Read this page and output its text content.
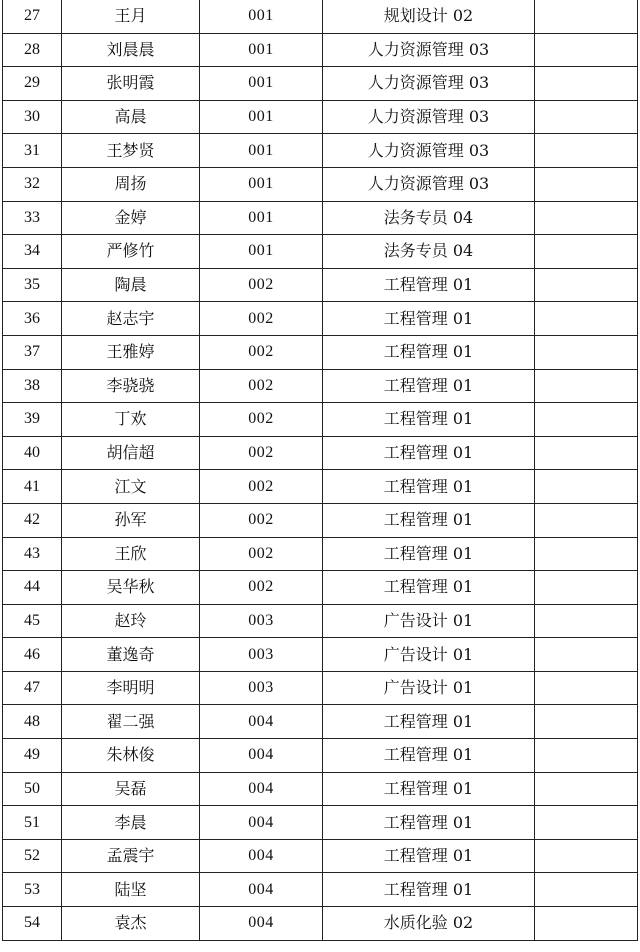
27	王月	001	规划设计 02	
28	刘晨晨	001	人力资源管理 03	
29	张明霞	001	人力资源管理 03	
30	高晨	001	人力资源管理 03	
31	王梦贤	001	人力资源管理 03	
32	周扬	001	人力资源管理 03	
33	金婷	001	法务专员 04	
34	严修竹	001	法务专员 04	
35	陶晨	002	工程管理 01	
36	赵志宇	002	工程管理 01	
37	王雅婷	002	工程管理 01	
38	李骁骁	002	工程管理 01	
39	丁欢	002	工程管理 01	
40	胡信超	002	工程管理 01	
41	江文	002	工程管理 01	
42	孙军	002	工程管理 01	
43	王欣	002	工程管理 01	
44	吴华秋	002	工程管理 01	
45	赵玲	003	广告设计 01	
46	董逸奇	003	广告设计 01	
47	李明明	003	广告设计 01	
48	翟二强	004	工程管理 01	
49	朱林俊	004	工程管理 01	
50	吴磊	004	工程管理 01	
51	李晨	004	工程管理 01	
52	孟震宇	004	工程管理 01	
53	陆坚	004	工程管理 01	
54	袁杰	004	水质化验 02	
